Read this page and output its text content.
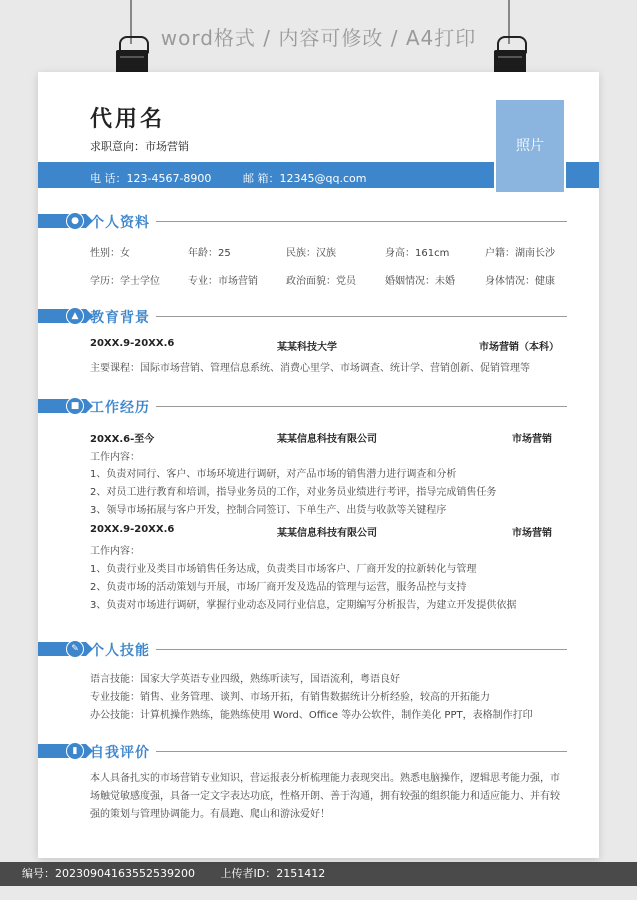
word格式 / 内容可修改 / A4打印
代用名
求职意向：市场营销	照片
电 话：123-4567-8900	邮 箱：12345@qq.com
● 个人资料
性别：女	年龄：25	民族：汉族	身高：161cm	户籍：湖南长沙
学历：学士学位	专业：市场营销	政治面貌：党员	婚姻情况：未婚	身体情况：健康
▲ 教育背景
20XX.9-20XX.6	某某科技大学	市场营销（本科）
主要课程：国际市场营销、管理信息系统、消费心里学、市场调查、统计学、营销创新、促销管理等
■ 工作经历
20XX.6-至今	某某信息科技有限公司	市场营销
工作内容：
1、负责对同行、客户、市场环境进行调研，对产品市场的销售潜力进行调查和分析
2、对员工进行教育和培训，指导业务员的工作，对业务员业绩进行考评，指导完成销售任务
3、领导市场拓展与客户开发，控制合同签订、下单生产、出货与收款等关键程序
20XX.9-20XX.6	某某信息科技有限公司	市场营销
工作内容：
1、负责行业及类目市场销售任务达成，负责类目市场客户、厂商开发的拉新转化与管理
2、负责市场的活动策划与开展，市场厂商开发及选品的管理与运营，服务品控与支持
3、负责对市场进行调研，掌握行业动态及同行业信息，定期编写分析报告，为建立开发提供依据
✎ 个人技能
语言技能：国家大学英语专业四级，熟练听读写，国语流利，粤语良好
专业技能：销售、业务管理、谈判、市场开拓，有销售数据统计分析经验，较高的开拓能力
办公技能：计算机操作熟练，能熟练使用 Word、Office 等办公软件，制作美化 PPT，表格制作打印
▮ 自我评价
本人具备扎实的市场营销专业知识，营运报表分析梳理能力表现突出。熟悉电脑操作，逻辑思考能力强，市场触觉敏感度强，具备一定文字表达功底，性格开朗、善于沟通，拥有较强的组织能力和适应能力、并有较强的策划与管理协调能力。有晨跑、爬山和游泳爱好！
编号：20230904163552539200 上传者ID：2151412
